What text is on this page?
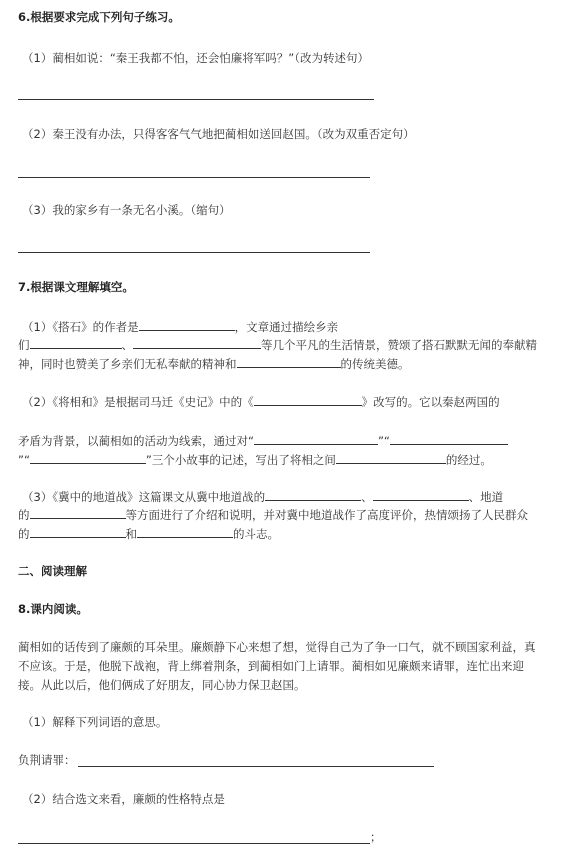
6.根据要求完成下列句子练习。
（1）蔺相如说：“秦王我都不怕，还会怕廉将军吗？”（改为转述句）
（2）秦王没有办法，只得客客气气地把蔺相如送回赵国。（改为双重否定句）
（3）我的家乡有一条无名小溪。（缩句）
7.根据课文理解填空。
（1）《搭石》的作者是	，文章通过描绘乡亲
们	、	等几个平凡的生活情景，赞颂了搭石默默无闻的奉献精
神，同时也赞美了乡亲们无私奉献的精神和	的传统美德。
（2）《将相和》是根据司马迁《史记》中的《	》改写的。它以秦赵两国的
矛盾为背景，以蔺相如的活动为线索，通过对“	”“
”“	”三个小故事的记述，写出了将相之间	的经过。
（3）《冀中的地道战》这篇课文从冀中地道战的	、	、地道
的	等方面进行了介绍和说明，并对冀中地道战作了高度评价，热情颂扬了人民群众
的	和	的斗志。
二、阅读理解
8.课内阅读。
蔺相如的话传到了廉颇的耳朵里。廉颇静下心来想了想，觉得自己为了争一口气，就不顾国家利益，真
不应该。于是，他脱下战袍，背上绑着荆条，到蔺相如门上请罪。蔺相如见廉颇来请罪，连忙出来迎
接。从此以后，他们俩成了好朋友，同心协力保卫赵国。
（1）解释下列词语的意思。
负荆请罪：
（2）结合选文来看，廉颇的性格特点是
；
